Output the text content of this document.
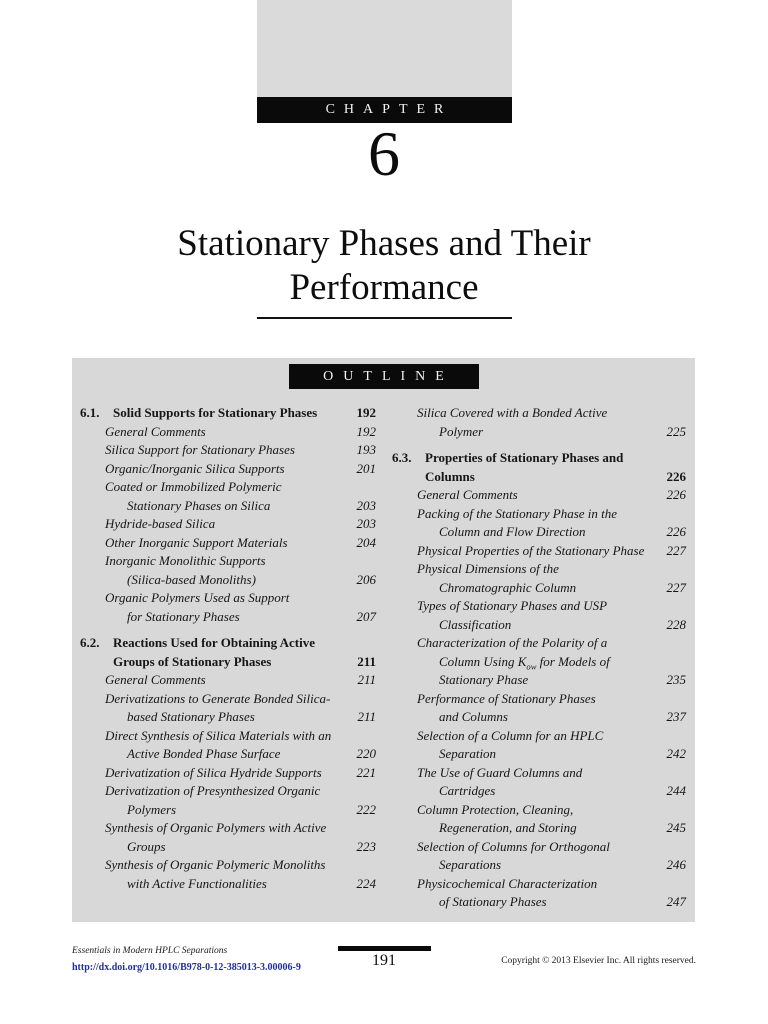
CHAPTER
6
Stationary Phases and Their
Performance
OUTLINE
6.1.	Solid Supports for Stationary Phases	192
General Comments	192
Silica Support for Stationary Phases	193
Organic/Inorganic Silica Supports	201
Coated or Immobilized Polymeric
Stationary Phases on Silica	203
Hydride-based Silica	203
Other Inorganic Support Materials	204
Inorganic Monolithic Supports
(Silica-based Monoliths)	206
Organic Polymers Used as Support
for Stationary Phases	207
6.2.	Reactions Used for Obtaining Active
Groups of Stationary Phases	211
General Comments	211
Derivatizations to Generate Bonded Silica-
based Stationary Phases	211
Direct Synthesis of Silica Materials with an
Active Bonded Phase Surface	220
Derivatization of Silica Hydride Supports	221
Derivatization of Presynthesized Organic
Polymers	222
Synthesis of Organic Polymers with Active
Groups	223
Synthesis of Organic Polymeric Monoliths
with Active Functionalities	224
Silica Covered with a Bonded Active
Polymer	225
6.3.	Properties of Stationary Phases and
Columns	226
General Comments	226
Packing of the Stationary Phase in the
Column and Flow Direction	226
Physical Properties of the Stationary Phase	227
Physical Dimensions of the
Chromatographic Column	227
Types of Stationary Phases and USP
Classification	228
Characterization of the Polarity of a
Column Using $K_{ow}$ for Models of
Stationary Phase	235
Performance of Stationary Phases
and Columns	237
Selection of a Column for an HPLC
Separation	242
The Use of Guard Columns and
Cartridges	244
Column Protection, Cleaning,
Regeneration, and Storing	245
Selection of Columns for Orthogonal
Separations	246
Physicochemical Characterization
of Stationary Phases	247
Essentials in Modern HPLC Separations
http://dx.doi.org/10.1016/B978-0-12-385013-3.00006-9	191	Copyright © 2013 Elsevier Inc. All rights reserved.
